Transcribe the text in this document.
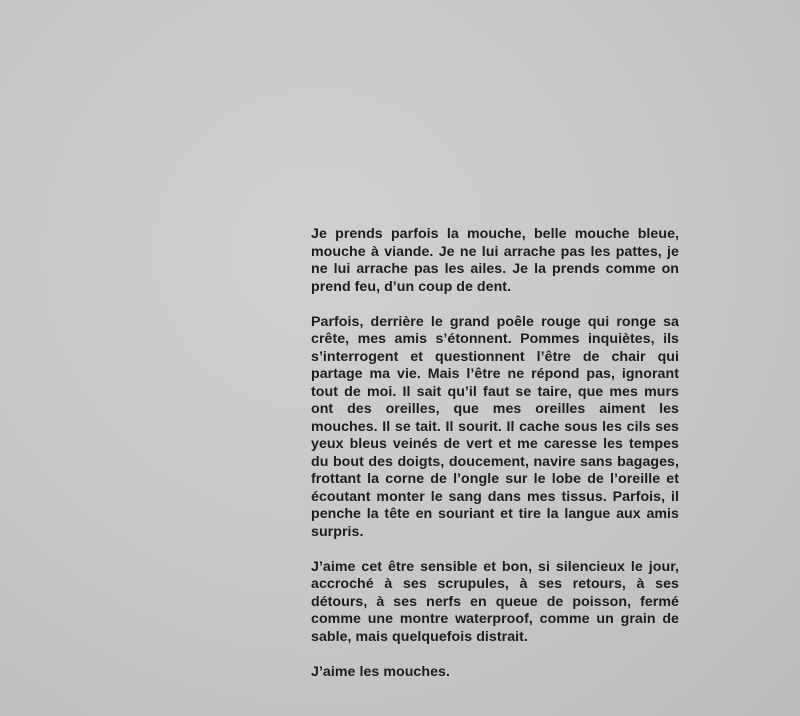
Je prends parfois la mouche, belle mouche bleue, mouche à viande. Je ne lui arrache pas les pattes, je ne lui arrache pas les ailes. Je la prends comme on prend feu, d’un coup de dent.

Parfois, derrière le grand poêle rouge qui ronge sa crête, mes amis s’étonnent. Pommes inquiètes, ils s’interrogent et questionnent l’être de chair qui partage ma vie. Mais l’être ne répond pas, ignorant tout de moi. Il sait qu’il faut se taire, que mes murs ont des oreilles, que mes oreilles aiment les mouches. Il se tait. Il sourit. Il cache sous les cils ses yeux bleus veinés de vert et me caresse les tempes du bout des doigts, doucement, navire sans bagages, frottant la corne de l’ongle sur le lobe de l’oreille et écoutant monter le sang dans mes tissus. Parfois, il penche la tête en souriant et tire la langue aux amis surpris.

J’aime cet être sensible et bon, si silencieux le jour, accroché à ses scrupules, à ses retours, à ses détours, à ses nerfs en queue de poisson, fermé comme une montre waterproof, comme un grain de sable, mais quelquefois distrait.

J’aime les mouches.
